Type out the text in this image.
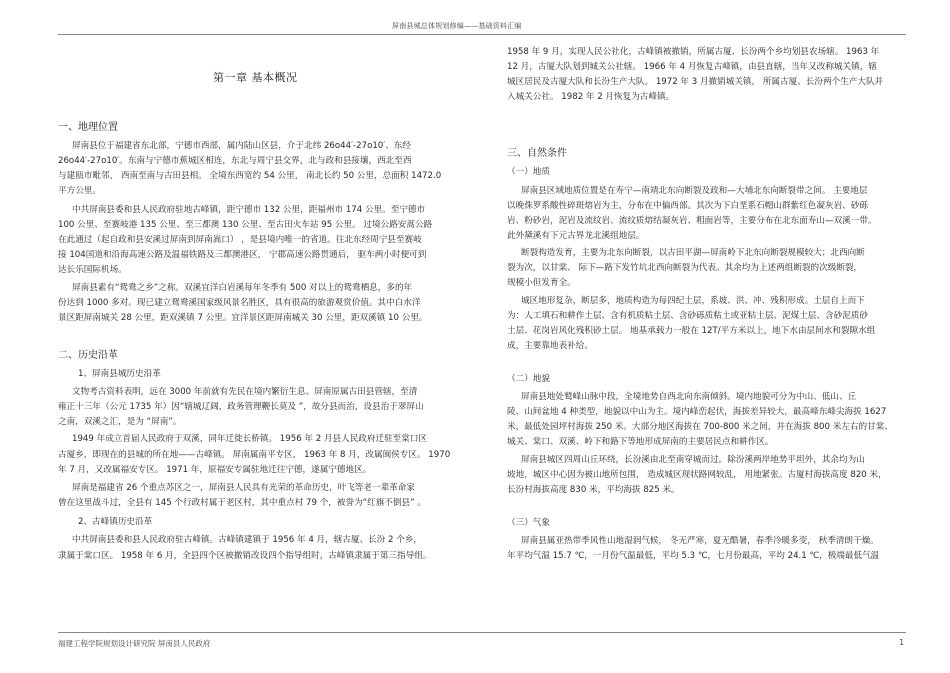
屏南县城总体规划修编——基础资料汇编
第一章 基本概况
一、地理位置
屏南县位于福建省东北部，宁德市西部，属内陆山区县，介于北纬 26o44′-27o10′、东经
26o44′-27o10′。东南与宁德市蕉城区相连，东北与周宁县交界，北与政和县接壤，西北至西
与建瓯市毗邻， 西南至南与古田县相。 全境东西宽约 54 公里， 南北长约 50 公里，总面积 1472.0
平方公里。
中共屏南县委和县人民政府驻地古峰镇，距宁德市 132 公里，距福州市 174 公里。至宁德市
100 公里、至赛岐港 135 公里、至三都澳 130 公里、至古田火车站 95 公里。 过境公路安蒿公路
在此通过（起自政和县安溪过屏南到屏南嵩口） ，是县境内唯一的省道。往北东经周宁县至赛岐
接 104国道和沿海高速公路及温福铁路及三都澳港区， 宁郡高速公路贯通后， 驱车两小时便可到
达长乐国际机场。
屏南县素有“鸳鸯之乡”之称。双溪宜洋白岩溪每年冬季有 500 对以上的鸳鸯栖息，多的年
份达到 1000 多对。现已建立鸳鸯溪国家级风景名胜区，具有很高的旅游观赏价值。其中白水洋
景区距屏南城关 28 公里，距双溪镇 7 公里。宜洋景区距屏南城关 30 公里，距双溪镇 10 公里。
二、历史沿革
1、屏南县城历史沿革
文物考古资料表明，远在 3000 年前就有先民在境内繁衍生息。屏南原属古田县管辖，至清
雍正十三年（公元 1735 年）因“辖城辽阔，政务管理鞭长莫及 ”，故分县而治，设县治于翠屏山
之南，双溪之汇，是为 “屏南”。
1949 年成立首届人民政府于双溪，同年迁徙长桥镇。 1956 年 2 月县人民政府迁驻至棠口区
古厦乡，即现在的县城的所在地——古峰镇。 屏南属南平专区， 1963 年 8 月，改属闽侯专区。 1970
年 7 月，又改属福安专区。 1971 年，原福安专属驻地迁往宁德，遂属宁德地区。
屏南是福建省 26 个重点苏区之一，屏南县人民具有光荣的革命历史，叶飞等老一辈革命家
曾在这里战斗过，全县有 145 个行政村属于老区村，其中重点村 79 个，被誉为“红旗不倒县” 。
2、古峰镇历史沿革
中共屏南县委和县人民政府驻古峰镇。古峰镇建镇于 1956 年 4 月，辖古厦、长汾 2 个乡，
隶属于棠口区。 1958 年 6 月，全县四个区被撤销改设四个指导组时，古峰镇隶属于第三指导组。
1958 年 9 月，实现人民公社化，古峰镇被撤销，所属古厦、长汾两个乡均划县农场辖。 1963 年
12 月，古厦大队划到城关公社辖。 1966 年 4 月恢复古峰镇，由县直辖，当年又改称城关镇，辖
城区居民及古厦大队和长汾生产大队。 1972 年 3 月撤销城关镇， 所属古厦、长汾两个生产大队并
入城关公社。 1982 年 2 月恢复为古峰镇。
三、自然条件
（一）地质
屏南县区域地质位置是在寿宁—南靖北东向断裂及政和—大埔北东向断裂带之间。 主要地层
以晚侏罗系酸性碎斑熔岩为主，分布在中偏西部。其次为下白垩系石帽山群紫红色凝灰岩、砂砾
岩、粉砂岩，泥岩及流纹岩、流纹质熔结凝灰岩、粗面岩等，主要分布在北东面寿山—双溪一带。
此外黛溪有下元古界龙北溪组地层。
断裂构造发育，主要为北东向断裂，以古田平湖—屏南岭下北东向断裂规模较大；北西向断
裂为次，以甘棠、 际下—路下发竹坑北西向断裂为代表。其余均为上述两组断裂的次级断裂，
规模小但发育全。
城区地形复杂，断层多，地质构造为每四纪土层，系坡、洪、冲、残积形成。土层自上而下
为：人工填石和耕作土层、含有机质粘土层、含砂砾质粘土或亚粘土层、泥煤土层、含砂泥质砂
土层、花岗岩风化残积砂土层。 地基承载力一般在 12T/平方米以上，地下水由层间水和裂隙水组
成，主要靠地表补给。
（二）地貌
屏南县地处鹫峰山脉中段，全境地势自西北向东南倾斜。境内地貌可分为中山、低山、丘
陵、山间盆地 4 种类型，地貌以中山为主。境内峰峦起伏，海拔差异较大，最高峰东峰尖海拔 1627
米，最低处园坪村海拔 250 米。大部分地区海拔在 700-800 米之间，并在海拔 800 米左右的甘棠、
城关、棠口、双溪、岭下和路下等地形成屏南的主要居民点和耕作区。
屏南县城区四周山丘环绕，长汾溪由北至南穿城而过。除汾溪两岸地势平坦外，其余均为山
坡地，城区中心因为被山地所包围， 造成城区现状路网较乱， 用地紧张。古厦村海拔高度 820 米，
长汾村海拔高度 830 米，平均海拔 825 米。
（三）气象
屏南县属亚热带季风性山地湿润气候， 冬无严寒，夏无酷暑，春季冷暖多变， 秋季清朗干燥。
年平均气温 15.7 ℃，一月份气温最低，平均 5.3 ℃，七月份最高，平均 24.1 ℃，极端最低气温
福建工程学院规划设计研究院 屏南县人民政府	1
